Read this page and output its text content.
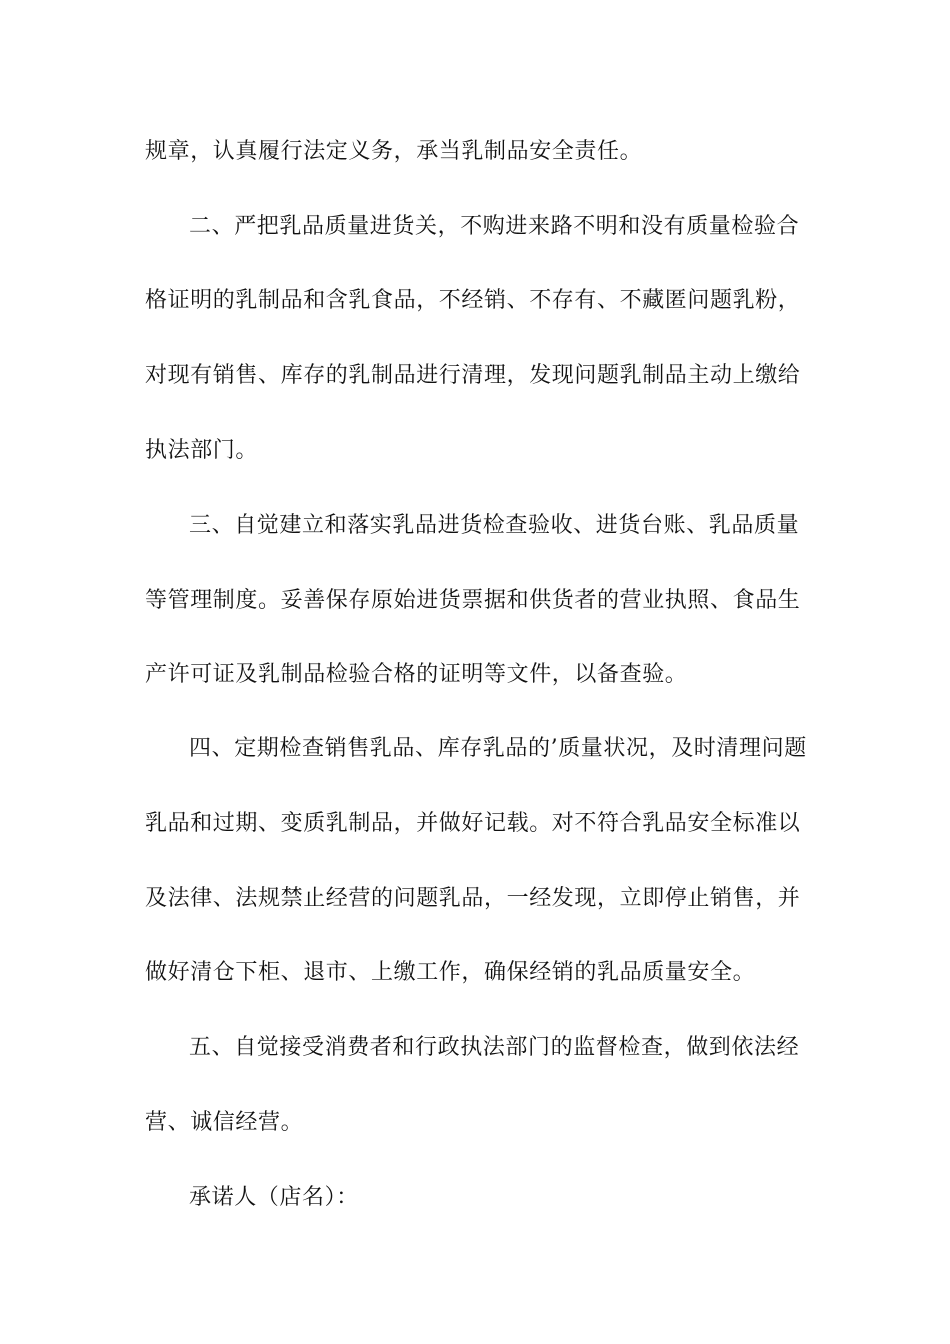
规章，认真履行法定义务，承当乳制品安全责任。
二、严把乳品质量进货关，不购进来路不明和没有质量检验合
格证明的乳制品和含乳食品，不经销、不存有、不藏匿问题乳粉，
对现有销售、库存的乳制品进行清理，发现问题乳制品主动上缴给
执法部门。
三、自觉建立和落实乳品进货检查验收、进货台账、乳品质量
等管理制度。妥善保存原始进货票据和供货者的营业执照、食品生
产许可证及乳制品检验合格的证明等文件，以备查验。
四、定期检查销售乳品、库存乳品的’质量状况，及时清理问题
乳品和过期、变质乳制品，并做好记载。对不符合乳品安全标准以
及法律、法规禁止经营的问题乳品，一经发现，立即停止销售，并
做好清仓下柜、退市、上缴工作，确保经销的乳品质量安全。
五、自觉接受消费者和行政执法部门的监督检查，做到依法经
营、诚信经营。
承诺人（店名）：
